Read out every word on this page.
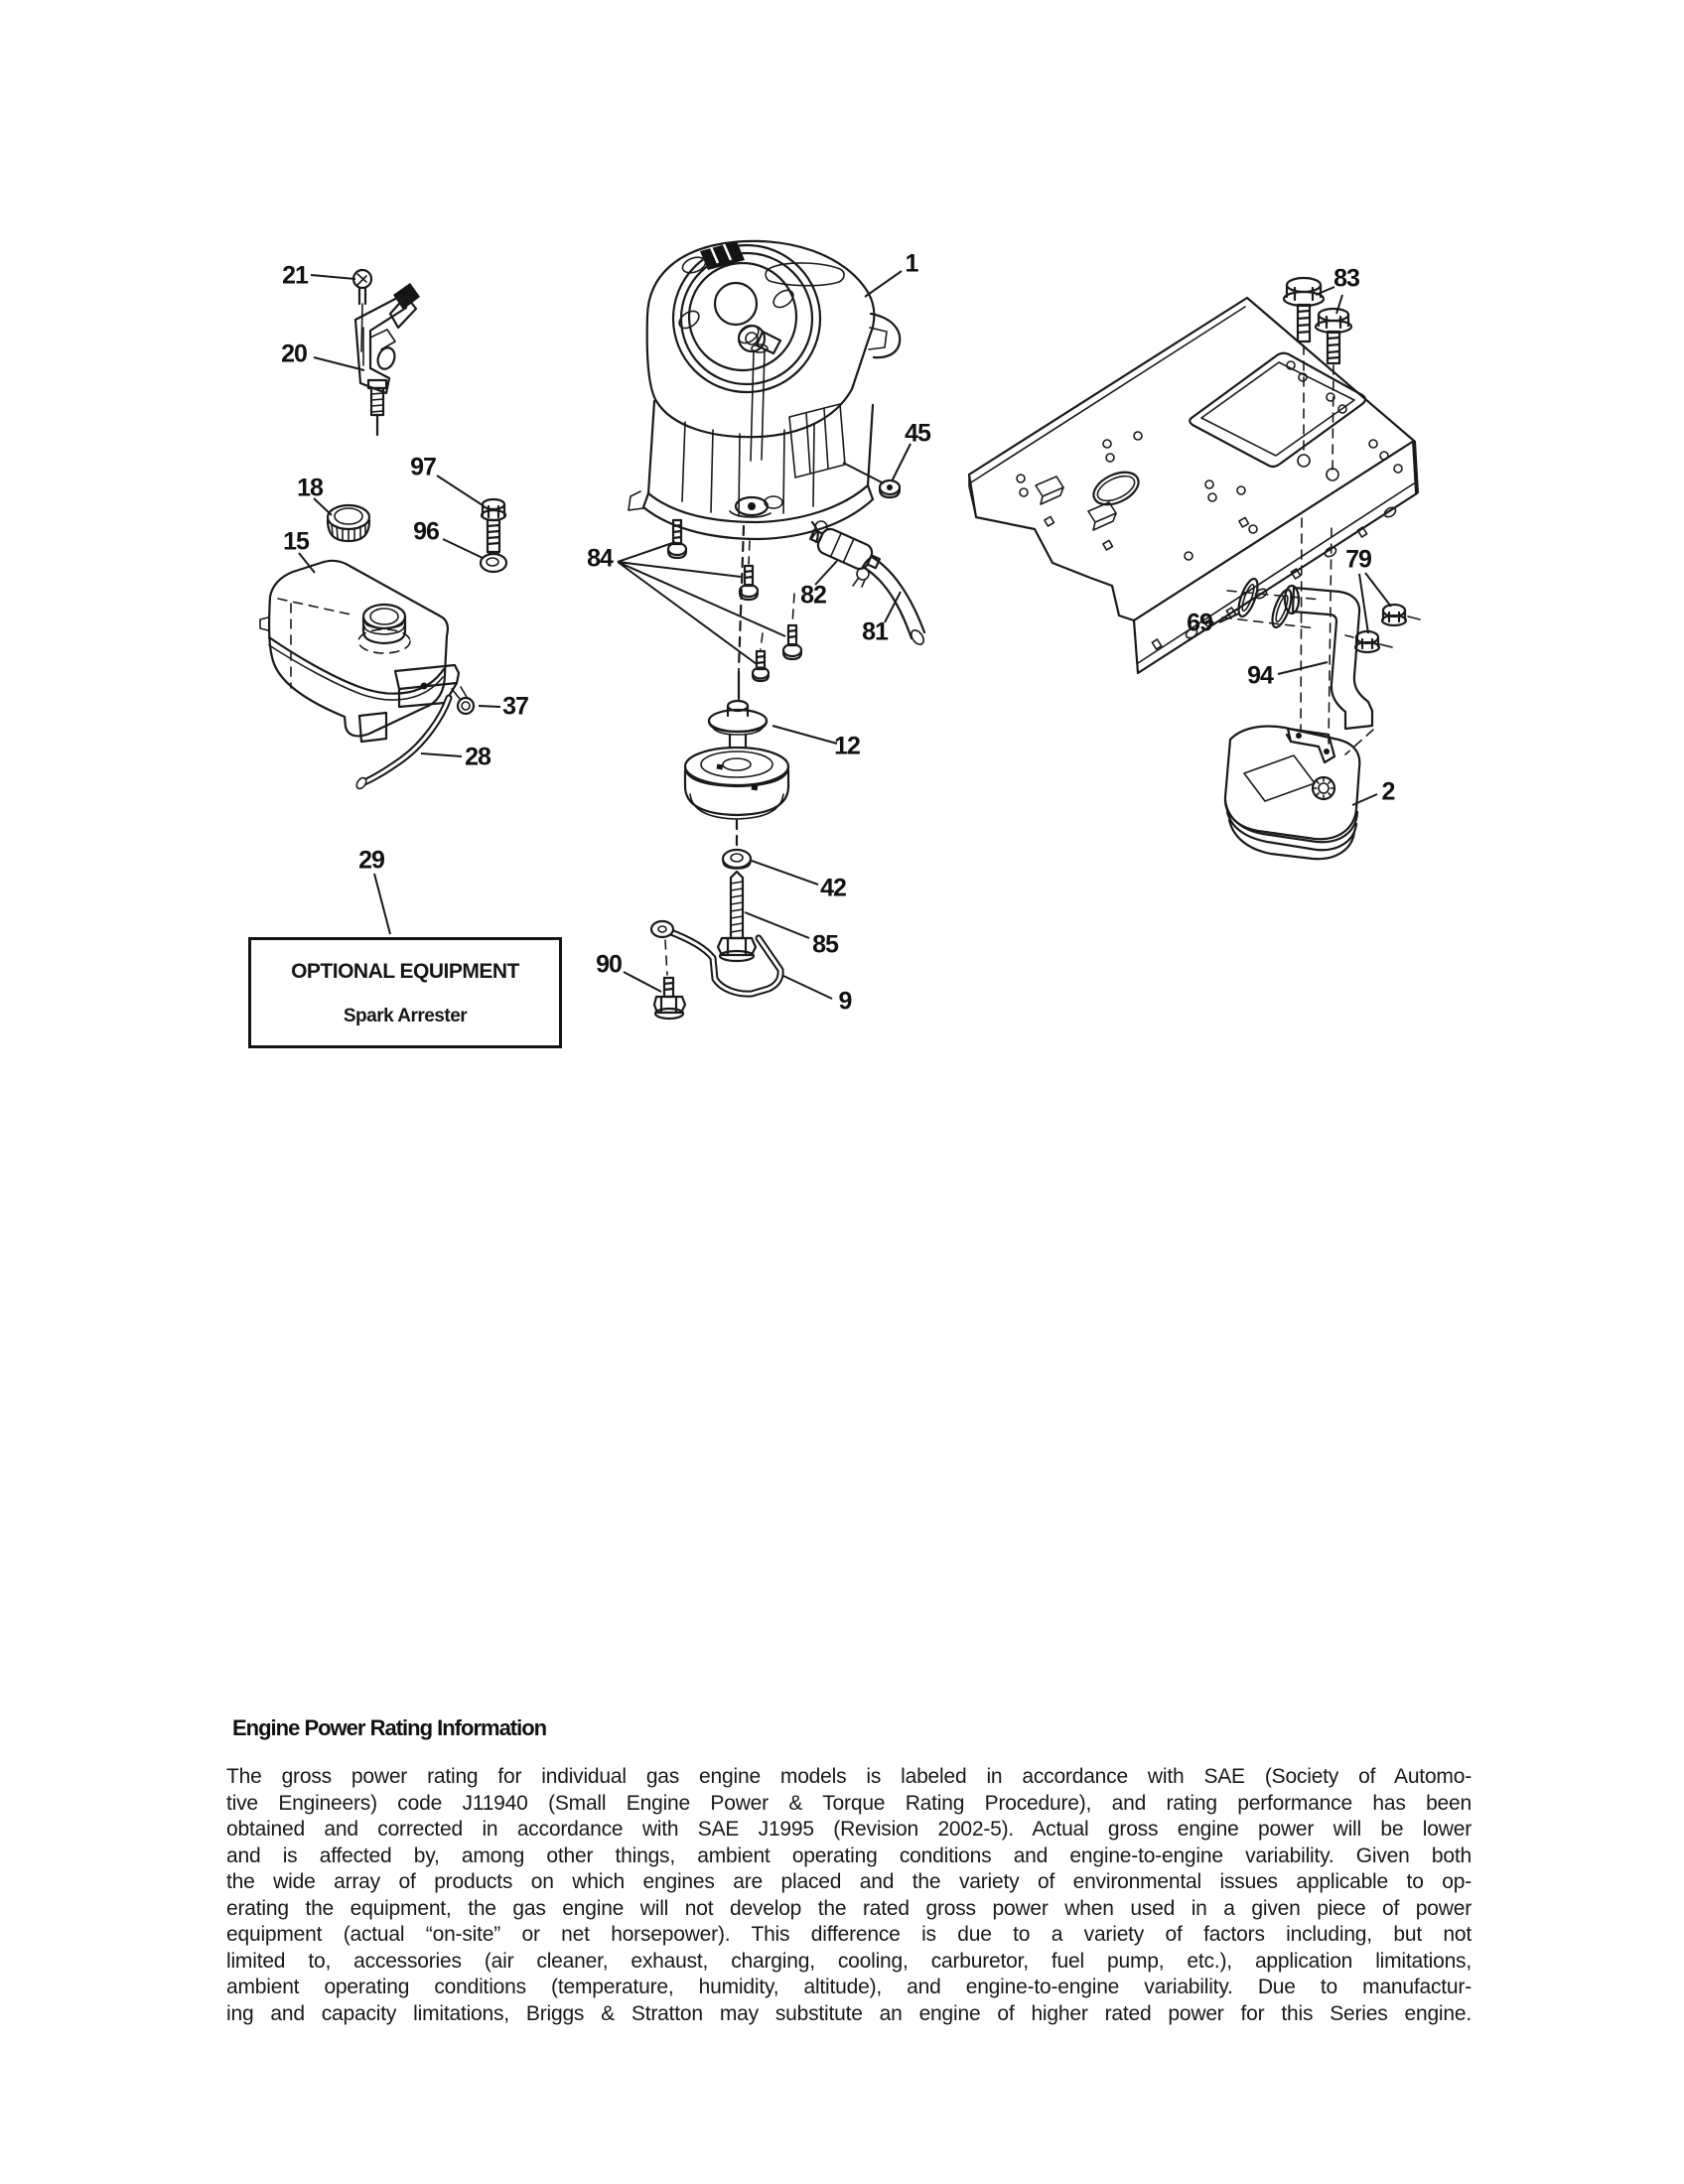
21
20
1
83
45
97
18
96
15
84
82
81
79
69
94
37
28	12
2
42
85
29
90
9
OPTIONAL EQUIPMENT
Spark Arrester
Engine Power Rating Information
The gross power rating for individual gas engine models is labeled in accordance with SAE (Society of Automo-
tive Engineers) code J11940 (Small Engine Power & Torque Rating Procedure), and rating performance has been
obtained and corrected in accordance with SAE J1995 (Revision 2002-5). Actual gross engine power will be lower
and is affected by, among other things, ambient operating conditions and engine-to-engine variability. Given both
the wide array of products on which engines are placed and the variety of environmental issues applicable to op-
erating the equipment, the gas engine will not develop the rated gross power when used in a given piece of power
equipment (actual “on-site” or net horsepower). This difference is due to a variety of factors including, but not
limited to, accessories (air cleaner, exhaust, charging, cooling, carburetor, fuel pump, etc.), application limitations,
ambient operating conditions (temperature, humidity, altitude), and engine-to-engine variability. Due to manufactur-
ing and capacity limitations, Briggs & Stratton may substitute an engine of higher rated power for this Series engine.
